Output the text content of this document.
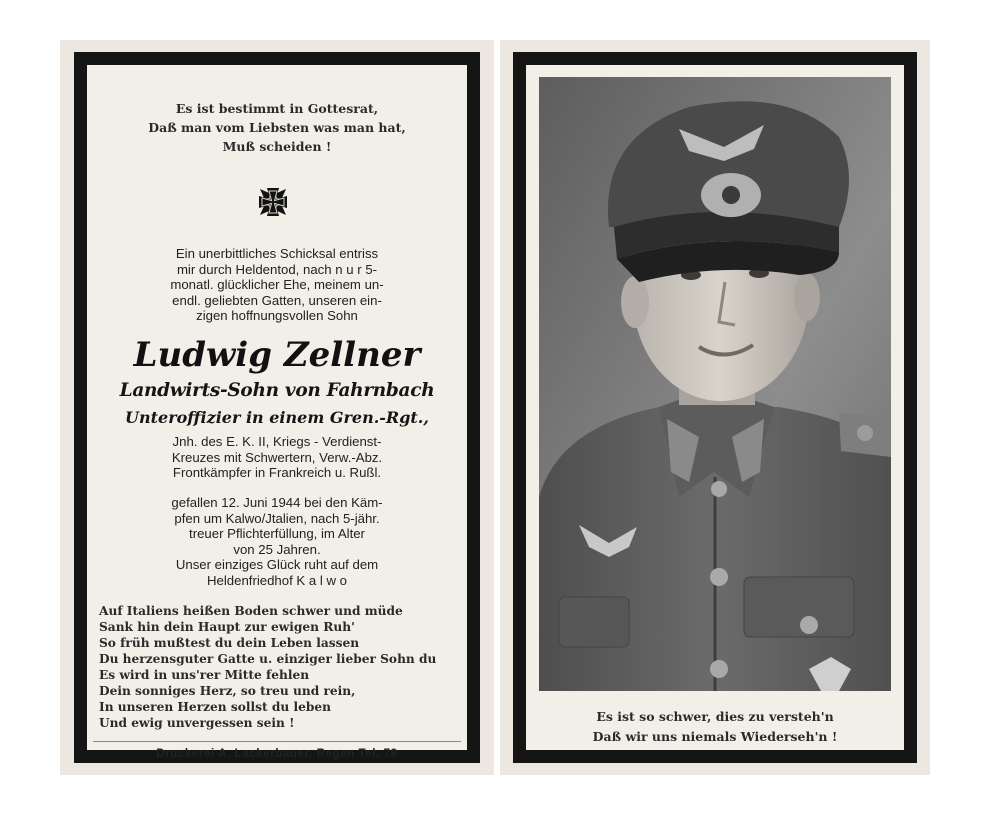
Es ist bestimmt in Gottesrat,
Daß man vom Liebsten was man hat,
Muß scheiden !
Ein unerbittliches Schicksal entriss
mir durch Heldentod, nach n u r 5-
monatl. glücklicher Ehe, meinem un-
endl. geliebten Gatten, unseren ein-
zigen hoffnungsvollen Sohn
Ludwig Zellner
Landwirts-Sohn von Fahrnbach
Unteroffizier in einem Gren.-Rgt.,
Jnh. des E. K. II, Kriegs - Verdienst-
Kreuzes mit Schwertern, Verw.-Abz.
Frontkämpfer in Frankreich u. Rußl.
gefallen 12. Juni 1944 bei den Käm-
pfen um Kalwo/Jtalien, nach 5-jähr.
treuer Pflichterfüllung, im Alter
von 25 Jahren.
Unser einziges Glück ruht auf dem
Heldenfriedhof K a l w o
Auf Italiens heißen Boden schwer und müde
Sank hin dein Haupt zur ewigen Ruh'
So früh mußtest du dein Leben lassen
Du herzensguter Gatte u. einziger lieber Sohn du
Es wird in uns'rer Mitte fehlen
Dein sonniges Herz, so treu und rein,
In unseren Herzen sollst du leben
Und ewig unvergessen sein !
Druckerei A. Lackerbauer, Regen Tel. 78
Es ist so schwer, dies zu versteh'n
Daß wir uns niemals Wiederseh'n !
